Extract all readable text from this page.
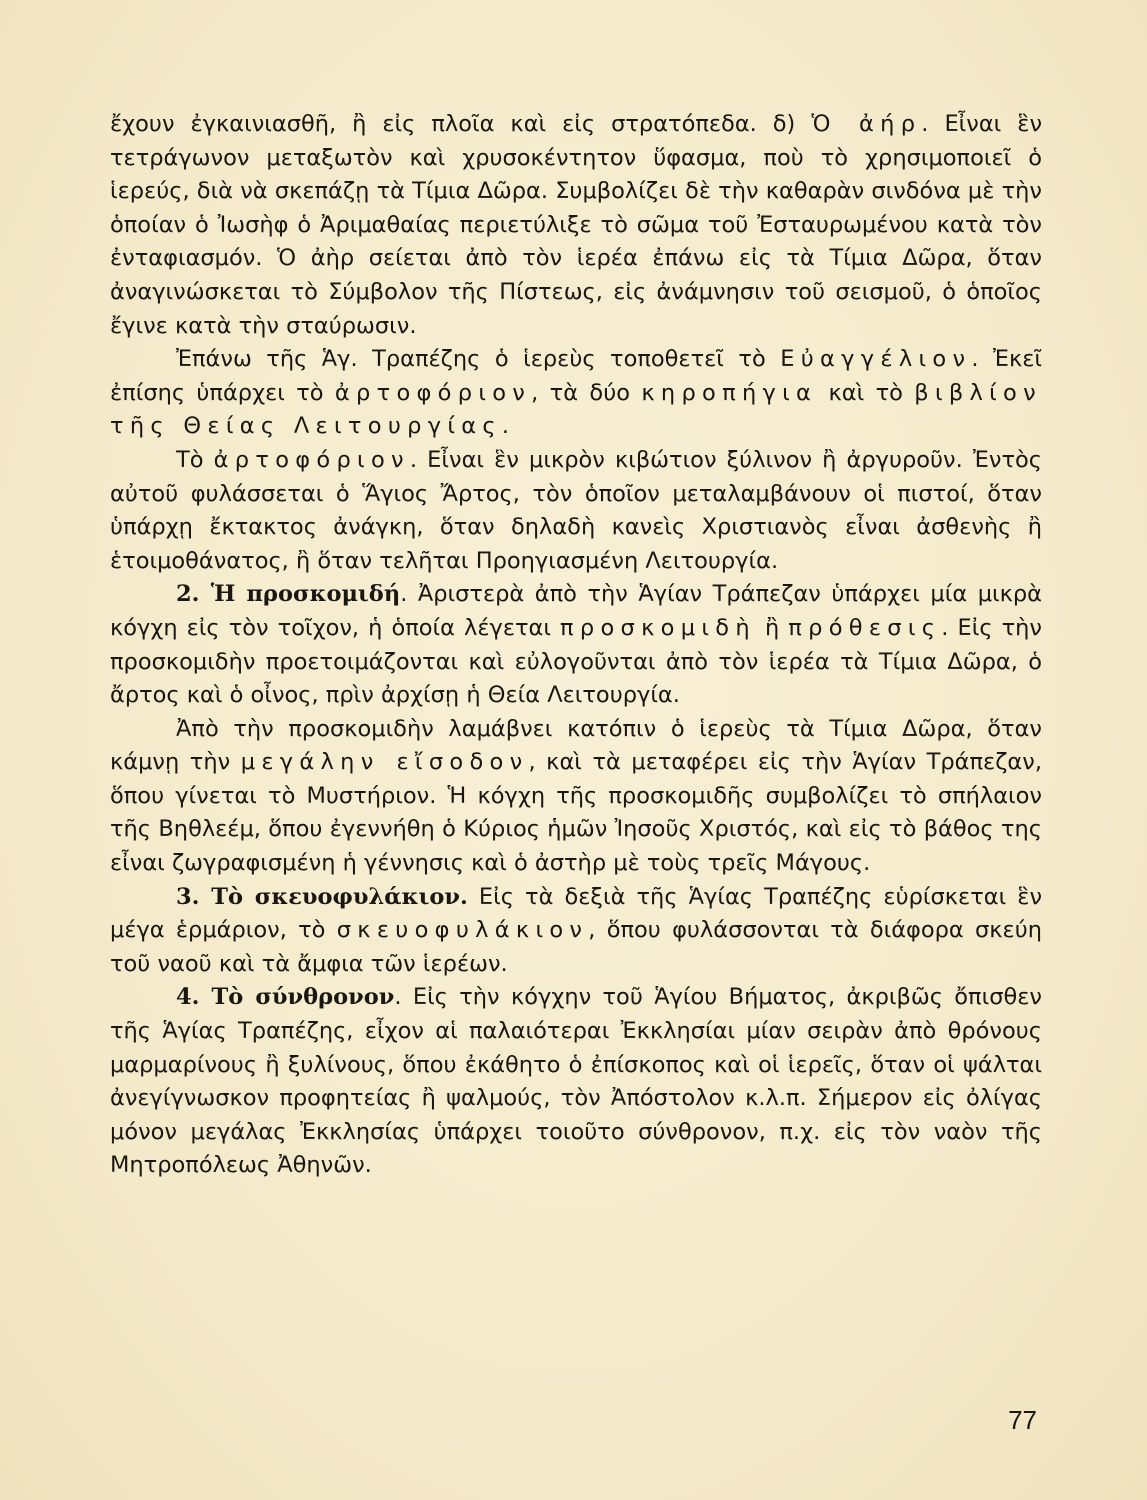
ἔχουν ἐγκαινιασθῆ, ἢ εἰς πλοῖα καὶ εἰς στρατόπεδα. δ) Ὁ ἀήρ. Εἶναι ἓν τετράγωνον μεταξωτὸν καὶ χρυσοκέντητον ὕφασμα, ποὺ τὸ χρησιμοποιεῖ ὁ ἱερεύς, διὰ νὰ σκεπάζῃ τὰ Τίμια Δῶρα. Συμβολίζει δὲ τὴν καθαρὰν σινδόνα μὲ τὴν ὁποίαν ὁ Ἰωσὴφ ὁ Ἀριμαθαίας περιετύλιξε τὸ σῶμα τοῦ Ἐσταυρωμένου κατὰ τὸν ἐνταφιασμόν. Ὁ ἀὴρ σείεται ἀπὸ τὸν ἱερέα ἐπάνω εἰς τὰ Τίμια Δῶρα, ὅταν ἀναγινώσκεται τὸ Σύμβολον τῆς Πίστεως, εἰς ἀνάμνησιν τοῦ σεισμοῦ, ὁ ὁποῖος ἔγινε κατὰ τὴν σταύρωσιν.

Ἐπάνω τῆς Ἁγ. Τραπέζης ὁ ἱερεὺς τοποθετεῖ τὸ Εὐαγγέλιον. Ἐκεῖ ἐπίσης ὑπάρχει τὸ ἀρτοφόριον, τὰ δύο κηροπήγια καὶ τὸ βιβλίον τῆς Θείας Λειτουργίας.

Τὸ ἀρτοφόριον. Εἶναι ἓν μικρὸν κιβώτιον ξύλινον ἢ ἀργυροῦν. Ἐντὸς αὐτοῦ φυλάσσεται ὁ Ἅγιος Ἄρτος, τὸν ὁποῖον μεταλαμβάνουν οἱ πιστοί, ὅταν ὑπάρχῃ ἔκτακτος ἀνάγκη, ὅταν δηλαδὴ κανεὶς Χριστιανὸς εἶναι ἀσθενὴς ἢ ἑτοιμοθάνατος, ἢ ὅταν τελῆται Προηγιασμένη Λειτουργία.

2. Ἡ προσκομιδή. Ἀριστερὰ ἀπὸ τὴν Ἁγίαν Τράπεζαν ὑπάρχει μία μικρὰ κόγχη εἰς τὸν τοῖχον, ἡ ὁποία λέγεται προσκομιδὴ ἢ πρόθεσις. Εἰς τὴν προσκομιδὴν προετοιμάζονται καὶ εὐλογοῦνται ἀπὸ τὸν ἱερέα τὰ Τίμια Δῶρα, ὁ ἄρτος καὶ ὁ οἶνος, πρὶν ἀρχίσῃ ἡ Θεία Λειτουργία.

Ἀπὸ τὴν προσκομιδὴν λαμάβνει κατόπιν ὁ ἱερεὺς τὰ Τίμια Δῶρα, ὅταν κάμνῃ τὴν μεγάλην εἴσοδον, καὶ τὰ μεταφέρει εἰς τὴν Ἁγίαν Τράπεζαν, ὅπου γίνεται τὸ Μυστήριον. Ἡ κόγχη τῆς προσκομιδῆς συμβολίζει τὸ σπήλαιον τῆς Βηθλεέμ, ὅπου ἐγεννήθη ὁ Κύριος ἡμῶν Ἰησοῦς Χριστός, καὶ εἰς τὸ βάθος της εἶναι ζωγραφισμένη ἡ γέννησις καὶ ὁ ἀστὴρ μὲ τοὺς τρεῖς Μάγους.

3. Τὸ σκευοφυλάκιον. Εἰς τὰ δεξιὰ τῆς Ἁγίας Τραπέζης εὑρίσκεται ἓν μέγα ἑρμάριον, τὸ σκευοφυλάκιον, ὅπου φυλάσσονται τὰ διάφορα σκεύη τοῦ ναοῦ καὶ τὰ ἄμφια τῶν ἱερέων.

4. Τὸ σύνθρονον. Εἰς τὴν κόγχην τοῦ Ἁγίου Βήματος, ἀκριβῶς ὄπισθεν τῆς Ἁγίας Τραπέζης, εἶχον αἱ παλαιότεραι Ἐκκλησίαι μίαν σειρὰν ἀπὸ θρόνους μαρμαρίνους ἢ ξυλίνους, ὅπου ἐκάθητο ὁ ἐπίσκοπος καὶ οἱ ἱερεῖς, ὅταν οἱ ψάλται ἀνεγίγνωσκον προφητείας ἢ ψαλμούς, τὸν Ἀπόστολον κ.λ.π. Σήμερον εἰς ὀλίγας μόνον μεγάλας Ἐκκλησίας ὑπάρχει τοιοῦτο σύνθρονον, π.χ. εἰς τὸν ναὸν τῆς Μητροπόλεως Ἀθηνῶν.

77
